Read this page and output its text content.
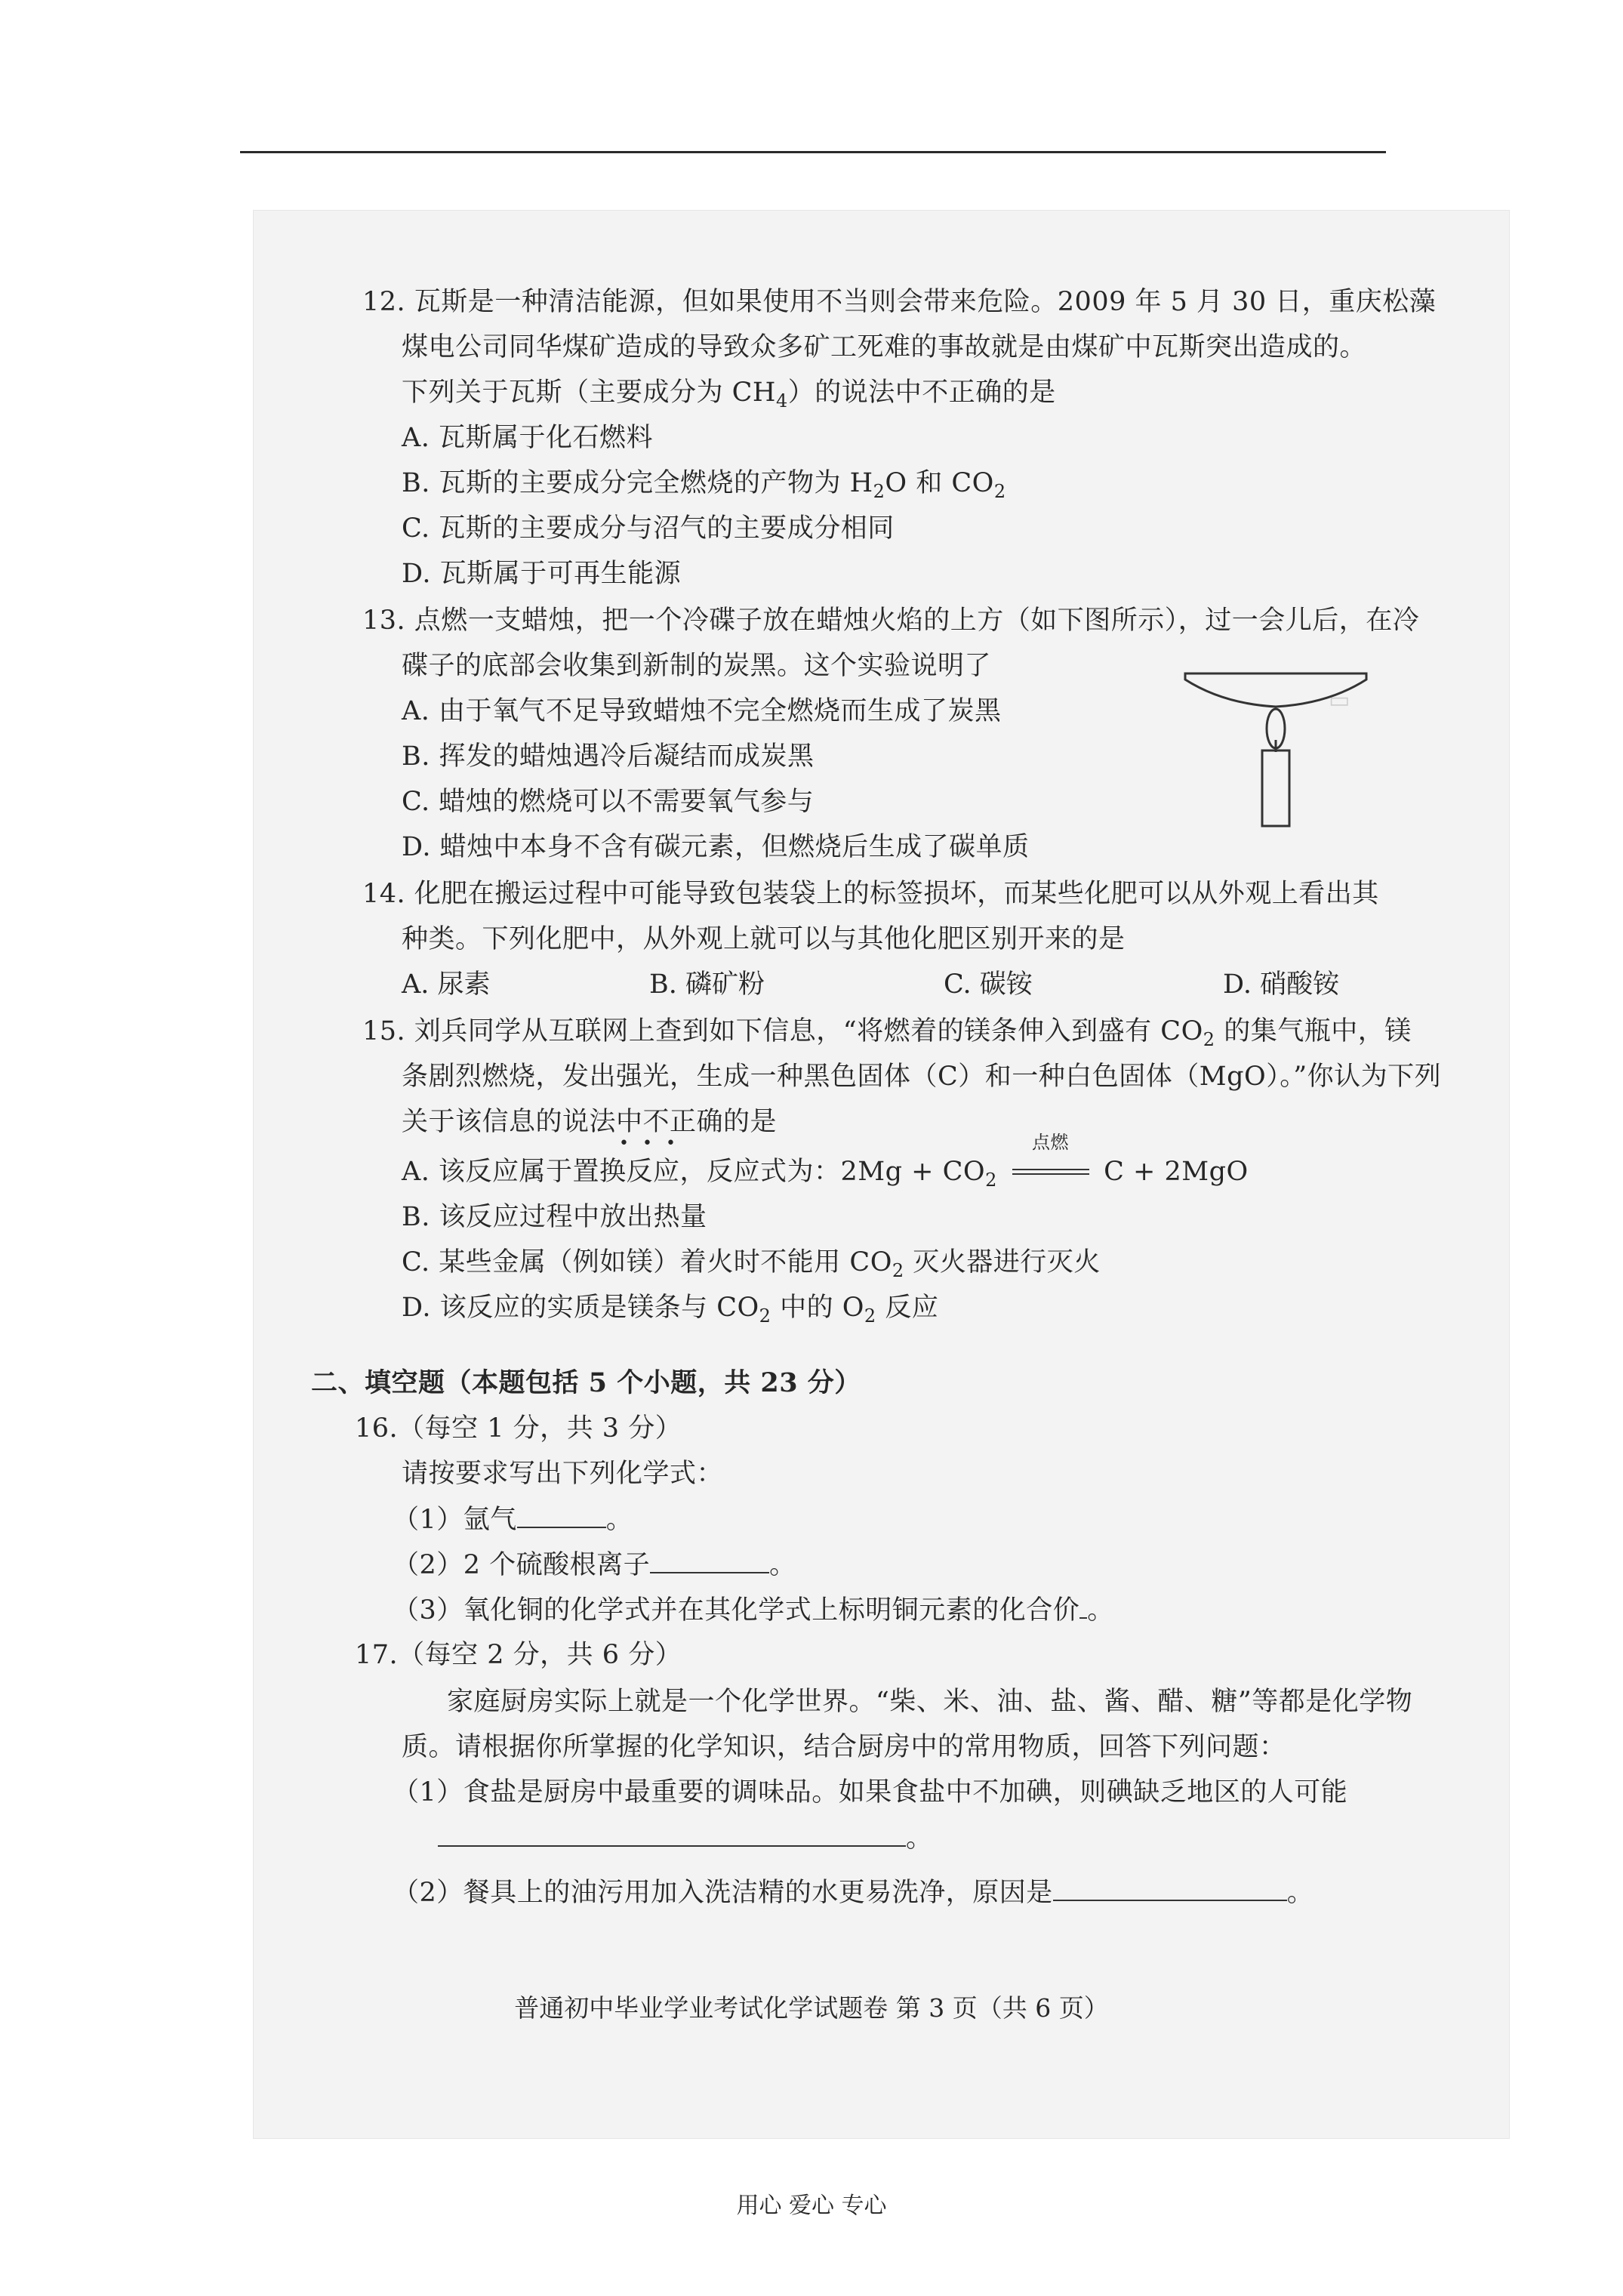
▭
12. 瓦斯是一种清洁能源，但如果使用不当则会带来危险。2009 年 5 月 30 日，重庆松藻
煤电公司同华煤矿造成的导致众多矿工死难的事故就是由煤矿中瓦斯突出造成的。
下列关于瓦斯（主要成分为 $CH_4$）的说法中不正确的是
A. 瓦斯属于化石燃料
B. 瓦斯的主要成分完全燃烧的产物为 $H_2O$ 和 $CO_2$
C. 瓦斯的主要成分与沼气的主要成分相同
D. 瓦斯属于可再生能源
13. 点燃一支蜡烛，把一个冷碟子放在蜡烛火焰的上方（如下图所示），过一会儿后，在冷
碟子的底部会收集到新制的炭黑。这个实验说明了
A. 由于氧气不足导致蜡烛不完全燃烧而生成了炭黑
B. 挥发的蜡烛遇冷后凝结而成炭黑
C. 蜡烛的燃烧可以不需要氧气参与
D. 蜡烛中本身不含有碳元素，但燃烧后生成了碳单质
14. 化肥在搬运过程中可能导致包装袋上的标签损坏，而某些化肥可以从外观上看出其
种类。下列化肥中，从外观上就可以与其他化肥区别开来的是
A. 尿素	B. 磷矿粉	C. 碳铵	D. 硝酸铵
15. 刘兵同学从互联网上查到如下信息，“将燃着的镁条伸入到盛有 $CO_2$ 的集气瓶中，镁
条剧烈燃烧，发出强光，生成一种黑色固体（C）和一种白色固体（MgO）。”你认为下列
关于该信息的说法中不正确的是
•••
A. 该反应属于置换反应，反应式为：$2Mg + CO_2$
点燃
C + 2MgO
B. 该反应过程中放出热量
C. 某些金属（例如镁）着火时不能用 $CO_2$ 灭火器进行灭火
D. 该反应的实质是镁条与 $CO_2$ 中的 $O_2$ 反应
二、填空题（本题包括 5 个小题，共 23 分）
16.（每空 1 分，共 3 分）
请按要求写出下列化学式：
（1）氩气	。
（2）2 个硫酸根离子	。
（3）氧化铜的化学式并在其化学式上标明铜元素的化合价 。
17.（每空 2 分，共 6 分）
家庭厨房实际上就是一个化学世界。“柴、米、油、盐、酱、醋、糖”等都是化学物
质。请根据你所掌握的化学知识，结合厨房中的常用物质，回答下列问题：
（1）食盐是厨房中最重要的调味品。如果食盐中不加碘，则碘缺乏地区的人可能
。
（2）餐具上的油污用加入洗洁精的水更易洗净，原因是	。
普通初中毕业学业考试化学试题卷 第 3 页（共 6 页）
用心 爱心 专心
